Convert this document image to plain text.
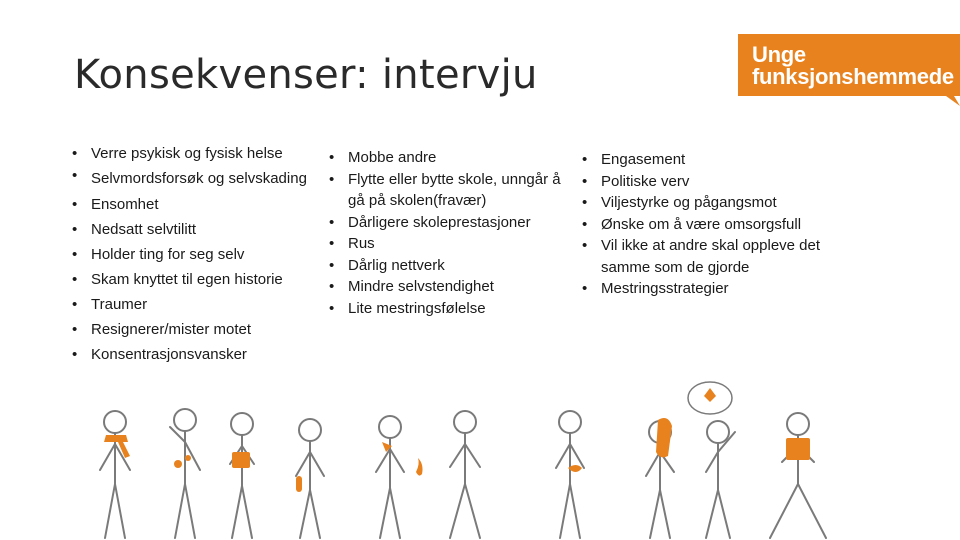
Konsekvenser: intervju	Unge
funksjonshemmede
• Verre psykisk og fysisk helse
• Selvmordsforsøk og selvskading
• Ensomhet
• Nedsatt selvtilitt
• Holder ting for seg selv
• Skam knyttet til egen historie
• Traumer
• Resignerer/mister motet
• Konsentrasjonsvansker
• Mobbe andre
• Flytte eller bytte skole, unngår å gå på skolen(fravær)
• Dårligere skoleprestasjoner
• Rus
• Dårlig nettverk
• Mindre selvstendighet
• Lite mestringsfølelse
• Engasement
• Politiske verv
• Viljestyrke og pågangsmot
• Ønske om å være omsorgsfull
• Vil ikke at andre skal oppleve det samme som de gjorde
• Mestringsstrategier
